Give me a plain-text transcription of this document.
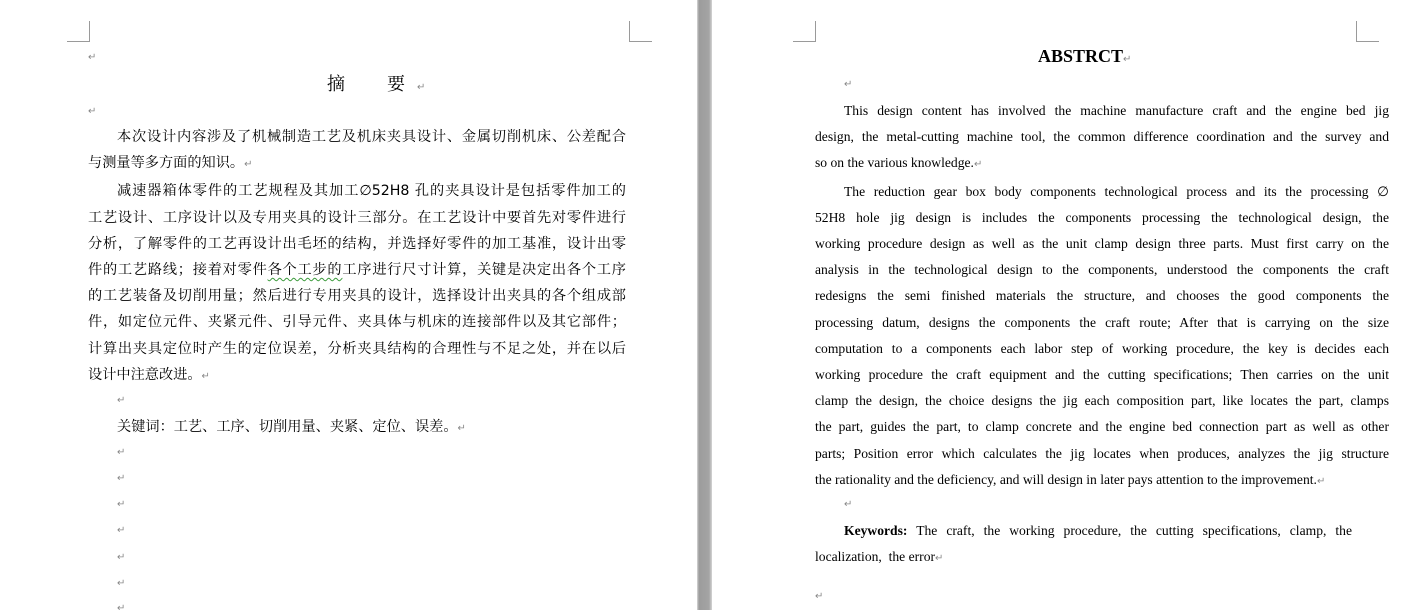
↵
摘　要↵
↵
本次设计内容涉及了机械制造工艺及机床夹具设计、金属切削机床、公差配合
与测量等多方面的知识。↵
减速器箱体零件的工艺规程及其加工∅52H8 孔的夹具设计是包括零件加工的
工艺设计、工序设计以及专用夹具的设计三部分。在工艺设计中要首先对零件进行
分析，了解零件的工艺再设计出毛坯的结构，并选择好零件的加工基准，设计出零
件的工艺路线；接着对零件各个工步的工序进行尺寸计算，关键是决定出各个工序
的工艺装备及切削用量；然后进行专用夹具的设计，选择设计出夹具的各个组成部
件，如定位元件、夹紧元件、引导元件、夹具体与机床的连接部件以及其它部件；
计算出夹具定位时产生的定位误差，分析夹具结构的合理性与不足之处，并在以后
设计中注意改进。↵
↵
关键词：工艺、工序、切削用量、夹紧、定位、误差。↵
↵
↵
↵
↵
↵
↵
↵
ABSTRCT↵
↵
This design content has involved the machine manufacture craft and the engine bed jig
design, the metal-cutting machine tool, the common difference coordination and the survey and
so on the various knowledge.↵
The reduction gear box body components technological process and its the processing ∅
52H8 hole jig design is includes the components processing the technological design, the
working procedure design as well as the unit clamp design three parts. Must first carry on the
analysis in the technological design to the components, understood the components the craft
redesigns the semi finished materials the structure, and chooses the good components the
processing datum, designs the components the craft route; After that is carrying on the size
computation to a components each labor step of working procedure, the key is decides each
working procedure the craft equipment and the cutting specifications; Then carries on the unit
clamp the design, the choice designs the jig each composition part, like locates the part, clamps
the part, guides the part, to clamp concrete and the engine bed connection part as well as other
parts; Position error which calculates the jig locates when produces, analyzes the jig structure
the rationality and the deficiency, and will design in later pays attention to the improvement.↵
↵
Keywords: The craft, the working procedure, the cutting specifications, clamp, the
localization,  the error↵
↵
